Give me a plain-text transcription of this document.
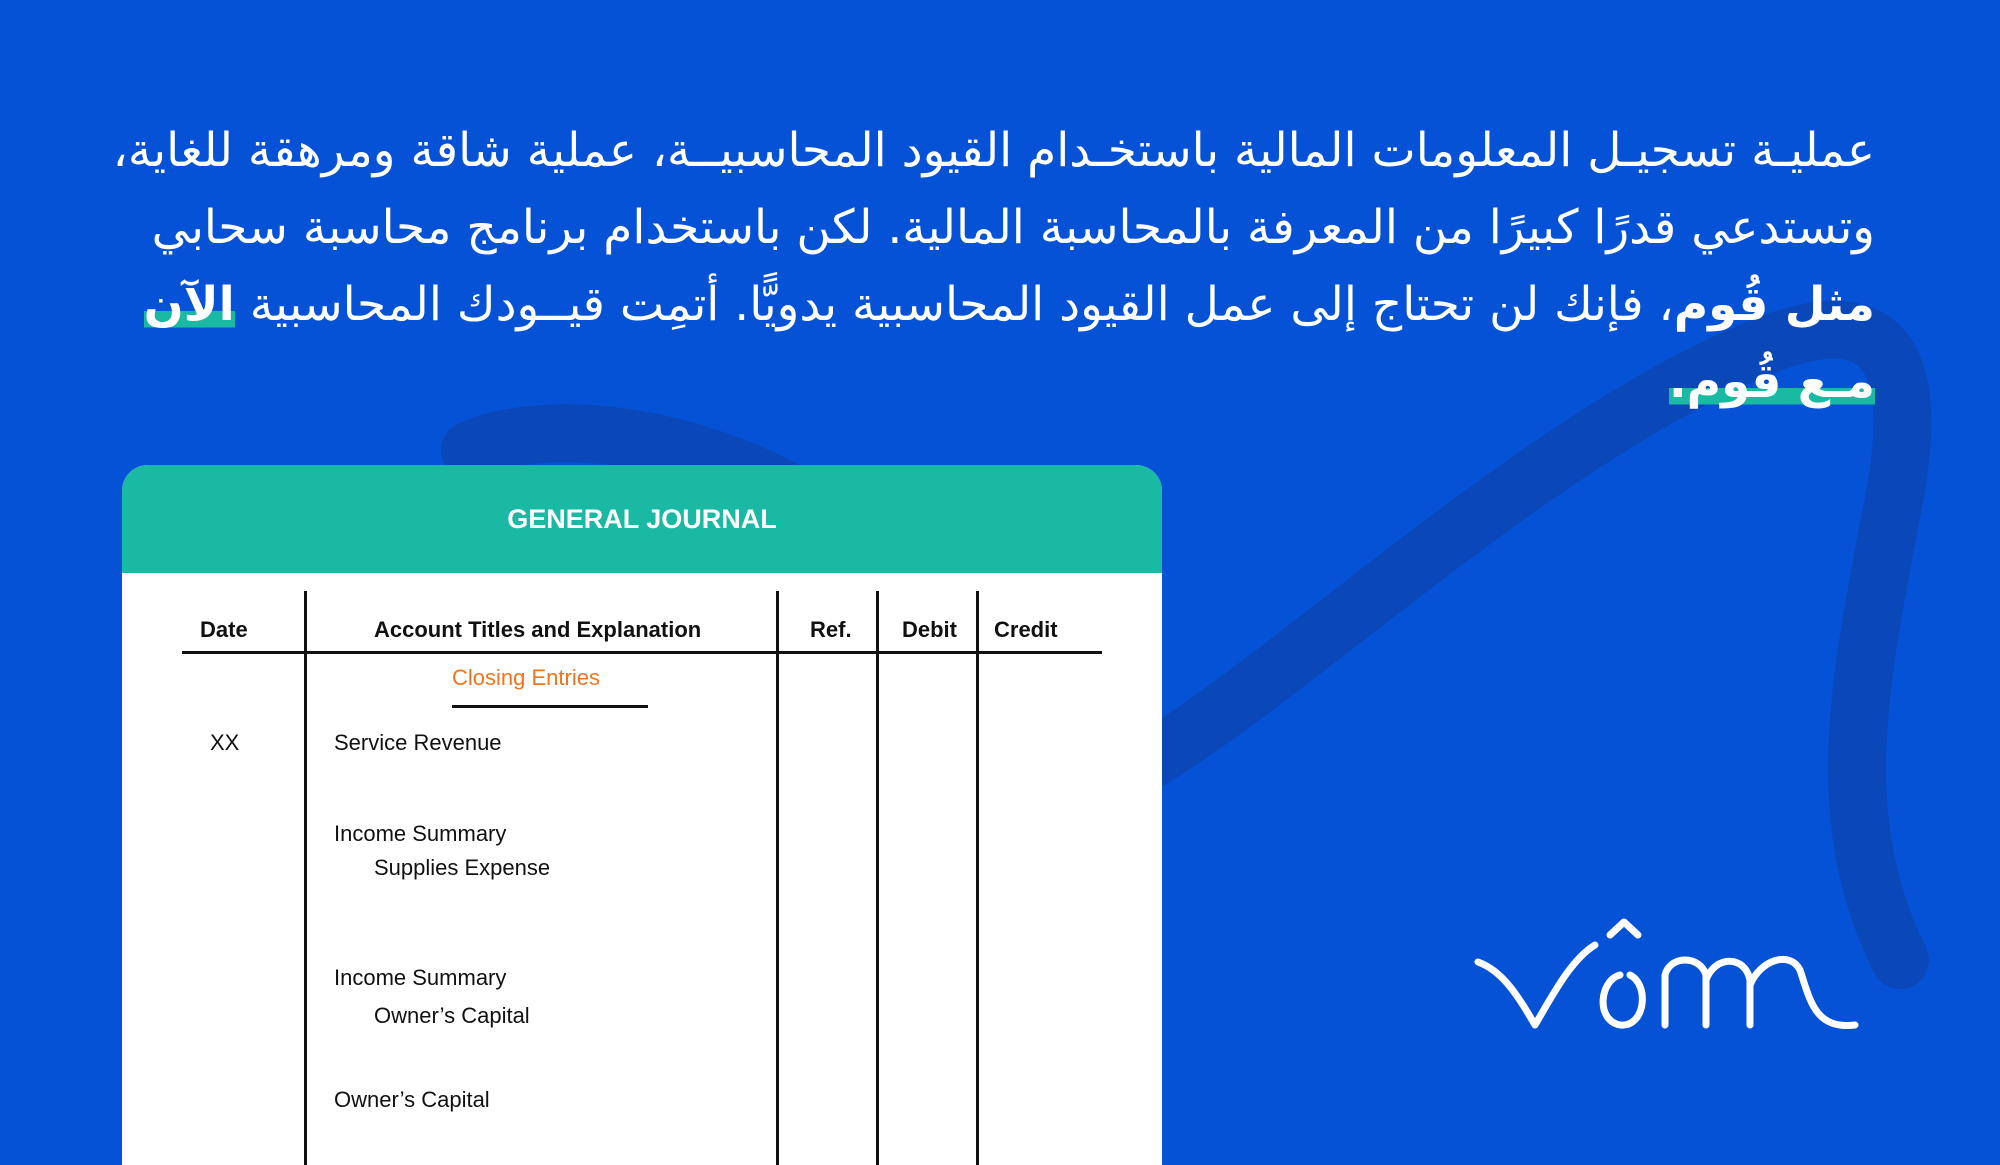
عمليـة تسجيـل المعلومات المالية باستخـدام القيود المحاسبيــة، عملية شاقة ومرهقة للغاية، وتستدعي قدرًا كبيرًا من المعرفة بالمحاسبة المالية. لكن باستخدام برنامج محاسبة سحابي مثل قُوم، فإنك لن تحتاج إلى عمل القيود المحاسبية يدويًّا. أتمِت قيــودك المحاسبية الآن مـع قُوم.
GENERAL JOURNAL
Date	Account Titles and Explanation	Ref. Debit Credit
Closing Entries
XX	Service Revenue
Income Summary
Supplies Expense
Income Summary
Owner’s Capital
Owner’s Capital
